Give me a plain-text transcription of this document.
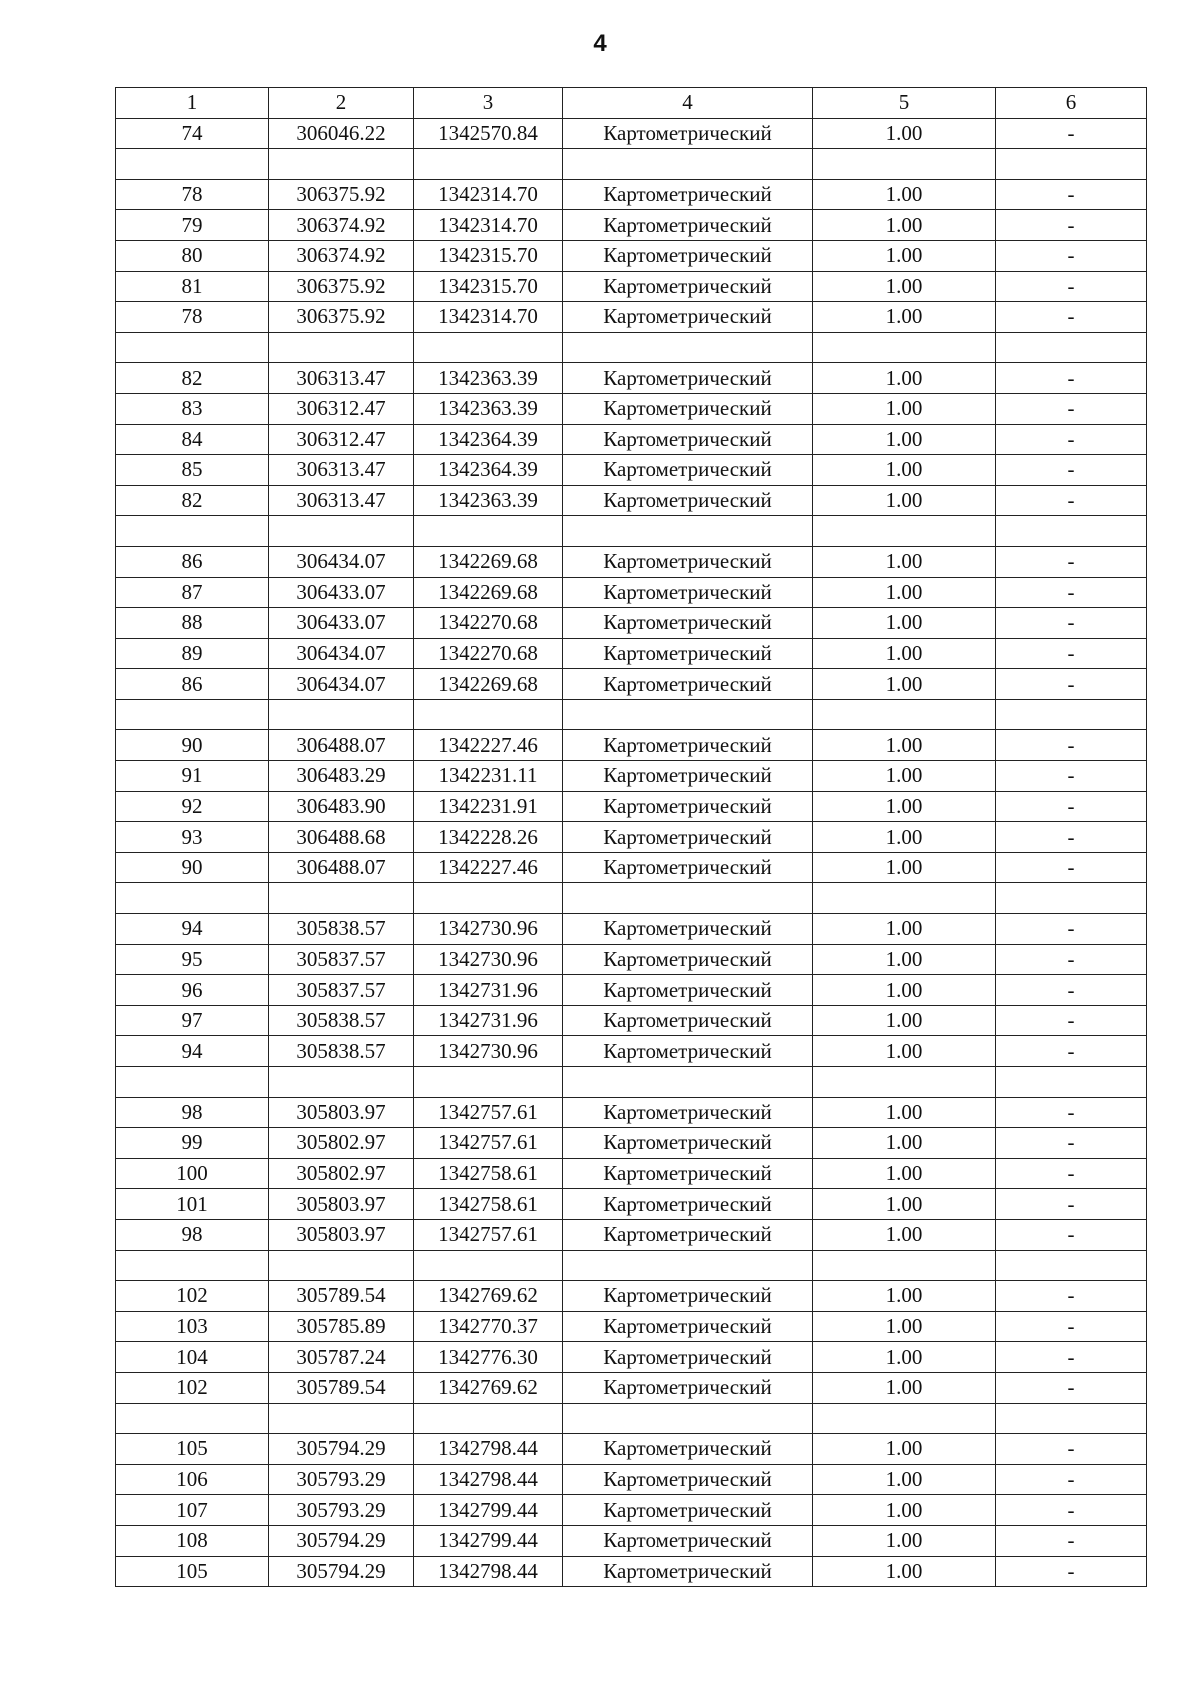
4
1	2	3	4	5	6
74	306046.22	1342570.84	Картометрический	1.00	-

78	306375.92	1342314.70	Картометрический	1.00	-
79	306374.92	1342314.70	Картометрический	1.00	-
80	306374.92	1342315.70	Картометрический	1.00	-
81	306375.92	1342315.70	Картометрический	1.00	-
78	306375.92	1342314.70	Картометрический	1.00	-

82	306313.47	1342363.39	Картометрический	1.00	-
83	306312.47	1342363.39	Картометрический	1.00	-
84	306312.47	1342364.39	Картометрический	1.00	-
85	306313.47	1342364.39	Картометрический	1.00	-
82	306313.47	1342363.39	Картометрический	1.00	-

86	306434.07	1342269.68	Картометрический	1.00	-
87	306433.07	1342269.68	Картометрический	1.00	-
88	306433.07	1342270.68	Картометрический	1.00	-
89	306434.07	1342270.68	Картометрический	1.00	-
86	306434.07	1342269.68	Картометрический	1.00	-

90	306488.07	1342227.46	Картометрический	1.00	-
91	306483.29	1342231.11	Картометрический	1.00	-
92	306483.90	1342231.91	Картометрический	1.00	-
93	306488.68	1342228.26	Картометрический	1.00	-
90	306488.07	1342227.46	Картометрический	1.00	-

94	305838.57	1342730.96	Картометрический	1.00	-
95	305837.57	1342730.96	Картометрический	1.00	-
96	305837.57	1342731.96	Картометрический	1.00	-
97	305838.57	1342731.96	Картометрический	1.00	-
94	305838.57	1342730.96	Картометрический	1.00	-

98	305803.97	1342757.61	Картометрический	1.00	-
99	305802.97	1342757.61	Картометрический	1.00	-
100	305802.97	1342758.61	Картометрический	1.00	-
101	305803.97	1342758.61	Картометрический	1.00	-
98	305803.97	1342757.61	Картометрический	1.00	-

102	305789.54	1342769.62	Картометрический	1.00	-
103	305785.89	1342770.37	Картометрический	1.00	-
104	305787.24	1342776.30	Картометрический	1.00	-
102	305789.54	1342769.62	Картометрический	1.00	-

105	305794.29	1342798.44	Картометрический	1.00	-
106	305793.29	1342798.44	Картометрический	1.00	-
107	305793.29	1342799.44	Картометрический	1.00	-
108	305794.29	1342799.44	Картометрический	1.00	-
105	305794.29	1342798.44	Картометрический	1.00	-
